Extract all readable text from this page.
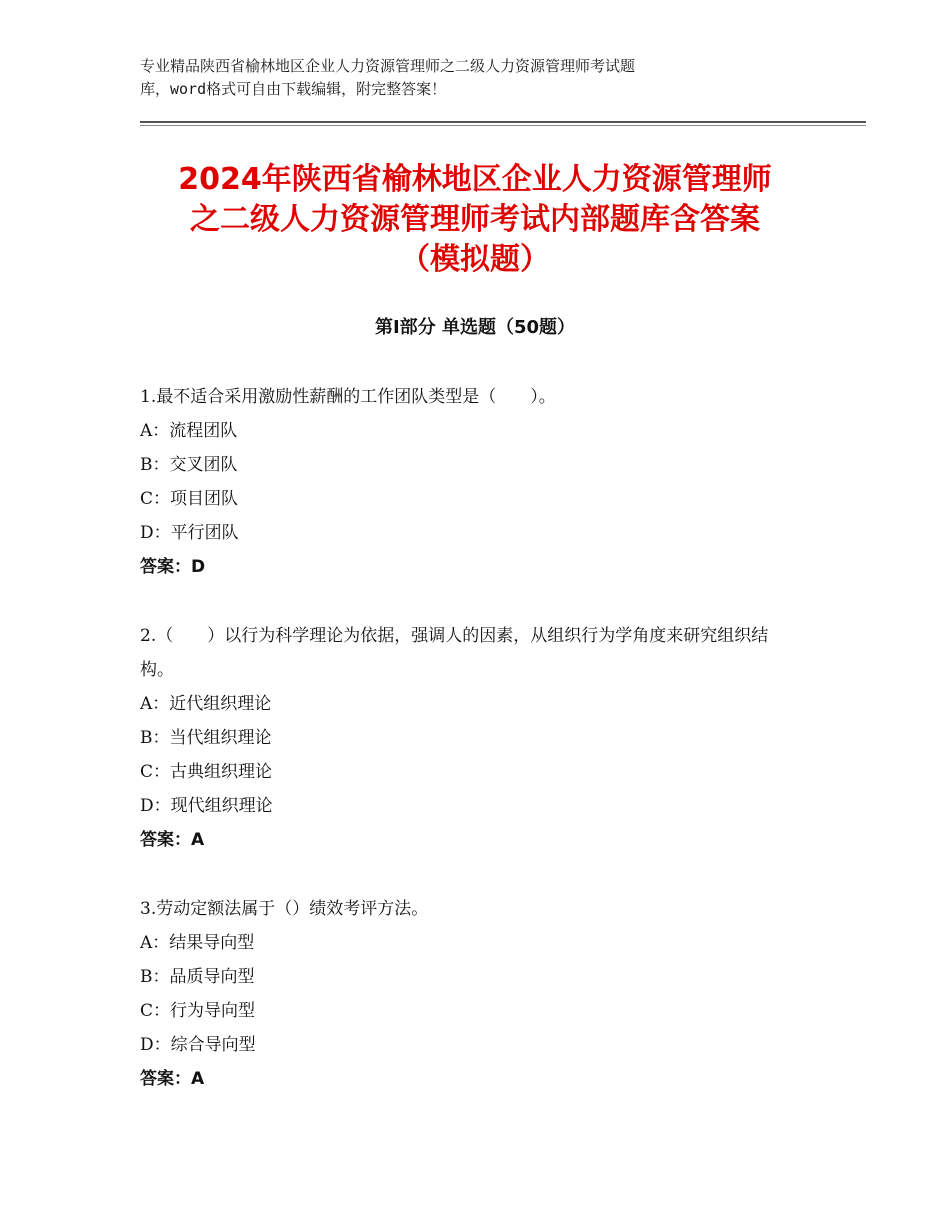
专业精品陕西省榆林地区企业人力资源管理师之二级人力资源管理师考试题
库，word格式可自由下载编辑，附完整答案！
2024年陕西省榆林地区企业人力资源管理师
之二级人力资源管理师考试内部题库含答案
（模拟题）
第Ⅰ部分 单选题（50题）
1.最不适合采用激励性薪酬的工作团队类型是（　　）。
A：流程团队
B：交叉团队
C：项目团队
D：平行团队
答案：D
2.（　　）以行为科学理论为依据，强调人的因素，从组织行为学角度来研究组织结构。
A：近代组织理论
B：当代组织理论
C：古典组织理论
D：现代组织理论
答案：A
3.劳动定额法属于（）绩效考评方法。
A：结果导向型
B：品质导向型
C：行为导向型
D：综合导向型
答案：A
